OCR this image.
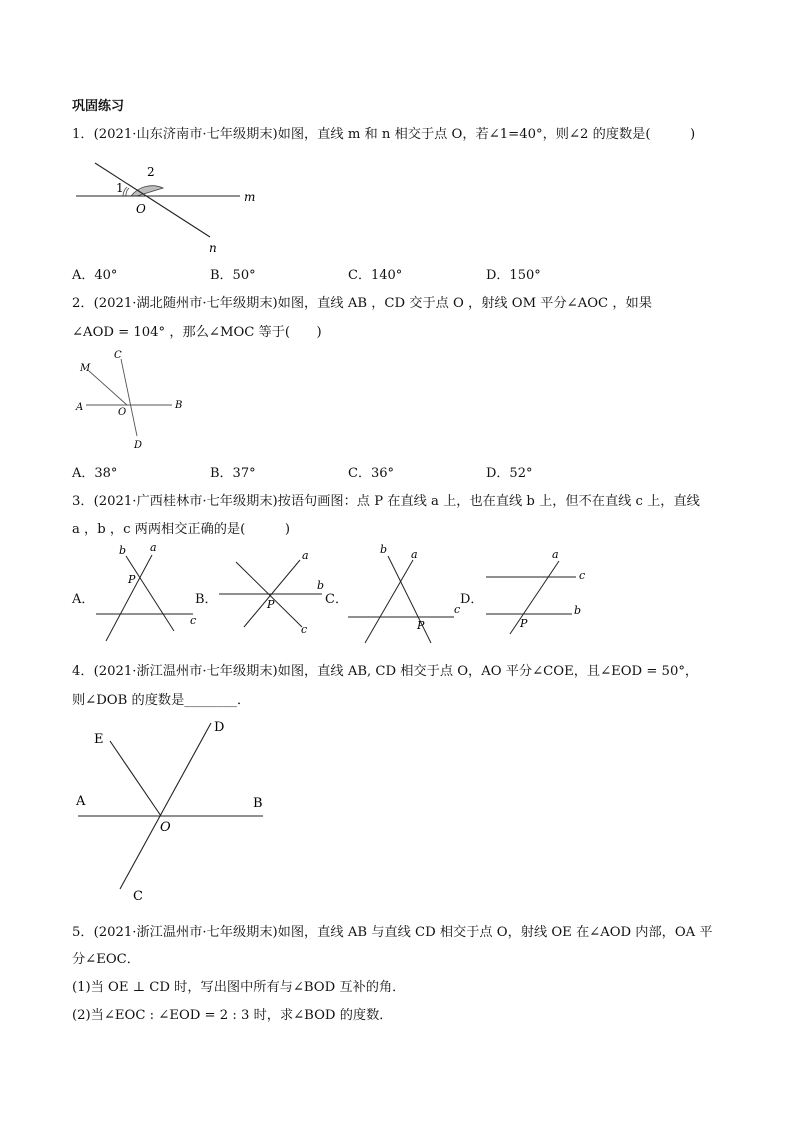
巩固练习
1．(2021·山东济南市·七年级期末)如图，直线 m 和 n 相交于点 O，若∠1=40°，则∠2 的度数是(　　　)
1
2
O
m
n
A．40°	B．50°	C．140°	D．150°
2．(2021·湖北随州市·七年级期末)如图，直线 AB ，CD 交于点 O ，射线 OM 平分∠AOC ，如果
∠AOD = 104° ，那么∠MOC 等于(　　)
M
C
A	O
B
D
A．38°	B．37°	C．36°	D．52°
3．(2021·广西桂林市·七年级期末)按语句画图：点 P 在直线 a 上，也在直线 b 上，但不在直线 c 上，直线
a ，b ，c 两两相交正确的是(　　　)
A．	B．	C．	D．
b a
P
c
a
b
P
c
b a
c
P
a
c
b
P
4．(2021·浙江温州市·七年级期末)如图，直线 AB, CD 相交于点 O，AO 平分∠COE，且∠EOD = 50°，
则∠DOB 的度数是________．
E
D
A	B
O
C
5．(2021·浙江温州市·七年级期末)如图，直线 AB 与直线 CD 相交于点 O，射线 OE 在∠AOD 内部，OA 平
分∠EOC．
(1)当 OE ⊥ CD 时，写出图中所有与∠BOD 互补的角．
(2)当∠EOC : ∠EOD = 2 : 3 时，求∠BOD 的度数．
